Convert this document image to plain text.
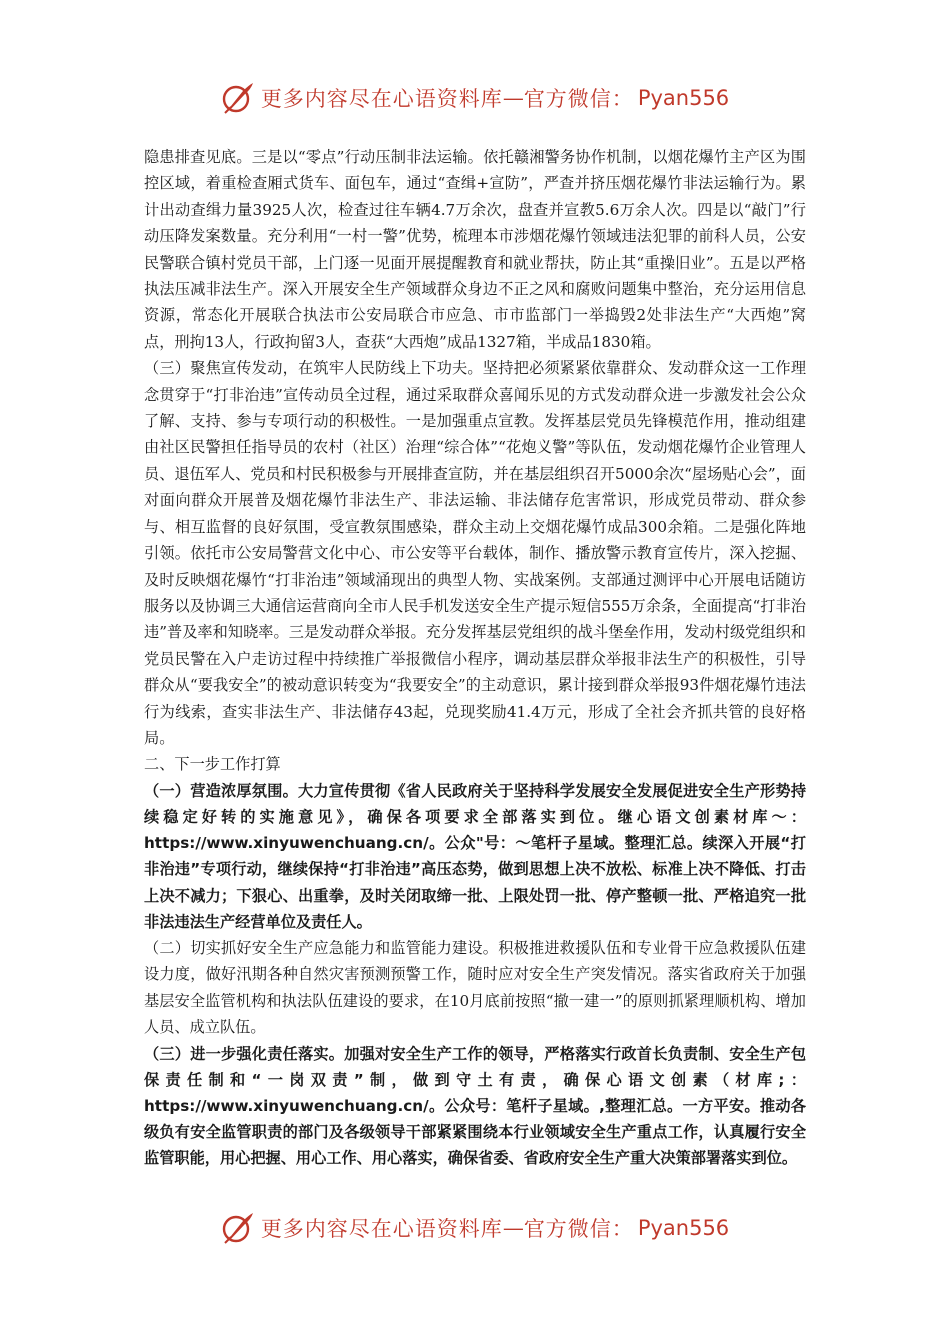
更多内容尽在心语资料库 — 官方微信： Pyan556

隐患排查见底。三是以“零点”行动压制非法运输。依托赣湘警务协作机制，以烟花爆竹主产区为围控区域，着重检查厢式货车、面包车，通过“查缉+宣防”，严查并挤压烟花爆竹非法运输行为。累计出动查缉力量3925人次，检查过往车辆4.7万余次，盘查并宣教5.6万余人次。四是以“敲门”行动压降发案数量。充分利用“一村一警”优势，梳理本市涉烟花爆竹领域违法犯罪的前科人员，公安民警联合镇村党员干部，上门逐一见面开展提醒教育和就业帮扶，防止其“重操旧业”。五是以严格执法压减非法生产。深入开展安全生产领域群众身边不正之风和腐败问题集中整治，充分运用信息资源，常态化开展联合执法市公安局联合市应急、市市监部门一举捣毁2处非法生产“大西炮”窝点，刑拘13人，行政拘留3人，查获“大西炮”成品1327箱，半成品1830箱。

（三）聚焦宣传发动，在筑牢人民防线上下功夫。坚持把必须紧紧依靠群众、发动群众这一工作理念贯穿于“打非治违”宣传动员全过程，通过采取群众喜闻乐见的方式发动群众进一步激发社会公众了解、支持、参与专项行动的积极性。一是加强重点宣教。发挥基层党员先锋模范作用，推动组建由社区民警担任指导员的农村（社区）治理“综合体”“花炮义警”等队伍，发动烟花爆竹企业管理人员、退伍军人、党员和村民积极参与开展排查宣防，并在基层组织召开5000余次“屋场贴心会”，面对面向群众开展普及烟花爆竹非法生产、非法运输、非法储存危害常识，形成党员带动、群众参与、相互监督的良好氛围，受宣教氛围感染，群众主动上交烟花爆竹成品300余箱。二是强化阵地引领。依托市公安局警营文化中心、市公安等平台载体，制作、播放警示教育宣传片，深入挖掘、及时反映烟花爆竹“打非治违”领域涌现出的典型人物、实战案例。支部通过测评中心开展电话随访服务以及协调三大通信运营商向全市人民手机发送安全生产提示短信555万余条，全面提高“打非治违”普及率和知晓率。三是发动群众举报。充分发挥基层党组织的战斗堡垒作用，发动村级党组织和党员民警在入户走访过程中持续推广举报微信小程序，调动基层群众举报非法生产的积极性，引导群众从“要我安全”的被动意识转变为“我要安全”的主动意识，累计接到群众举报93件烟花爆竹违法行为线索，查实非法生产、非法储存43起，兑现奖励41.4万元，形成了全社会齐抓共管的良好格局。

二、下一步工作打算

（一）营造浓厚氛围。大力宣传贯彻《省人民政府关于坚持科学发展安全发展促进安全生产形势持续稳定好转的实施意见》，确保各项要求全部落实到位。继心语文创素材库～：https://www.xinyuwenchuang.cn/。公众"号：～笔杆子星域。整理汇总。续深入开展“打非治违”专项行动，继续保持“打非治违”高压态势，做到思想上决不放松、标准上决不降低、打击上决不减力；下狠心、出重拳，及时关闭取缔一批、上限处罚一批、停产整顿一批、严格追究一批非法违法生产经营单位及责任人。

（二）切实抓好安全生产应急能力和监管能力建设。积极推进救援队伍和专业骨干应急救援队伍建设力度，做好汛期各种自然灾害预测预警工作，随时应对安全生产突发情况。落实省政府关于加强基层安全监管机构和执法队伍建设的要求，在10月底前按照“撤一建一”的原则抓紧理顺机构、增加人员、成立队伍。

（三）进一步强化责任落实。加强对安全生产工作的领导，严格落实行政首长负责制、安全生产包保责任制和“一岗双责”制，做到守土有责，确保心语文创素（材库;：https://www.xinyuwenchuang.cn/。公众号：笔杆子星域。,整理汇总。一方平安。推动各级负有安全监管职责的部门及各级领导干部紧紧围绕本行业领域安全生产重点工作，认真履行安全监管职能，用心把握、用心工作、用心落实，确保省委、省政府安全生产重大决策部署落实到位。

更多内容尽在心语资料库 — 官方微信： Pyan556
